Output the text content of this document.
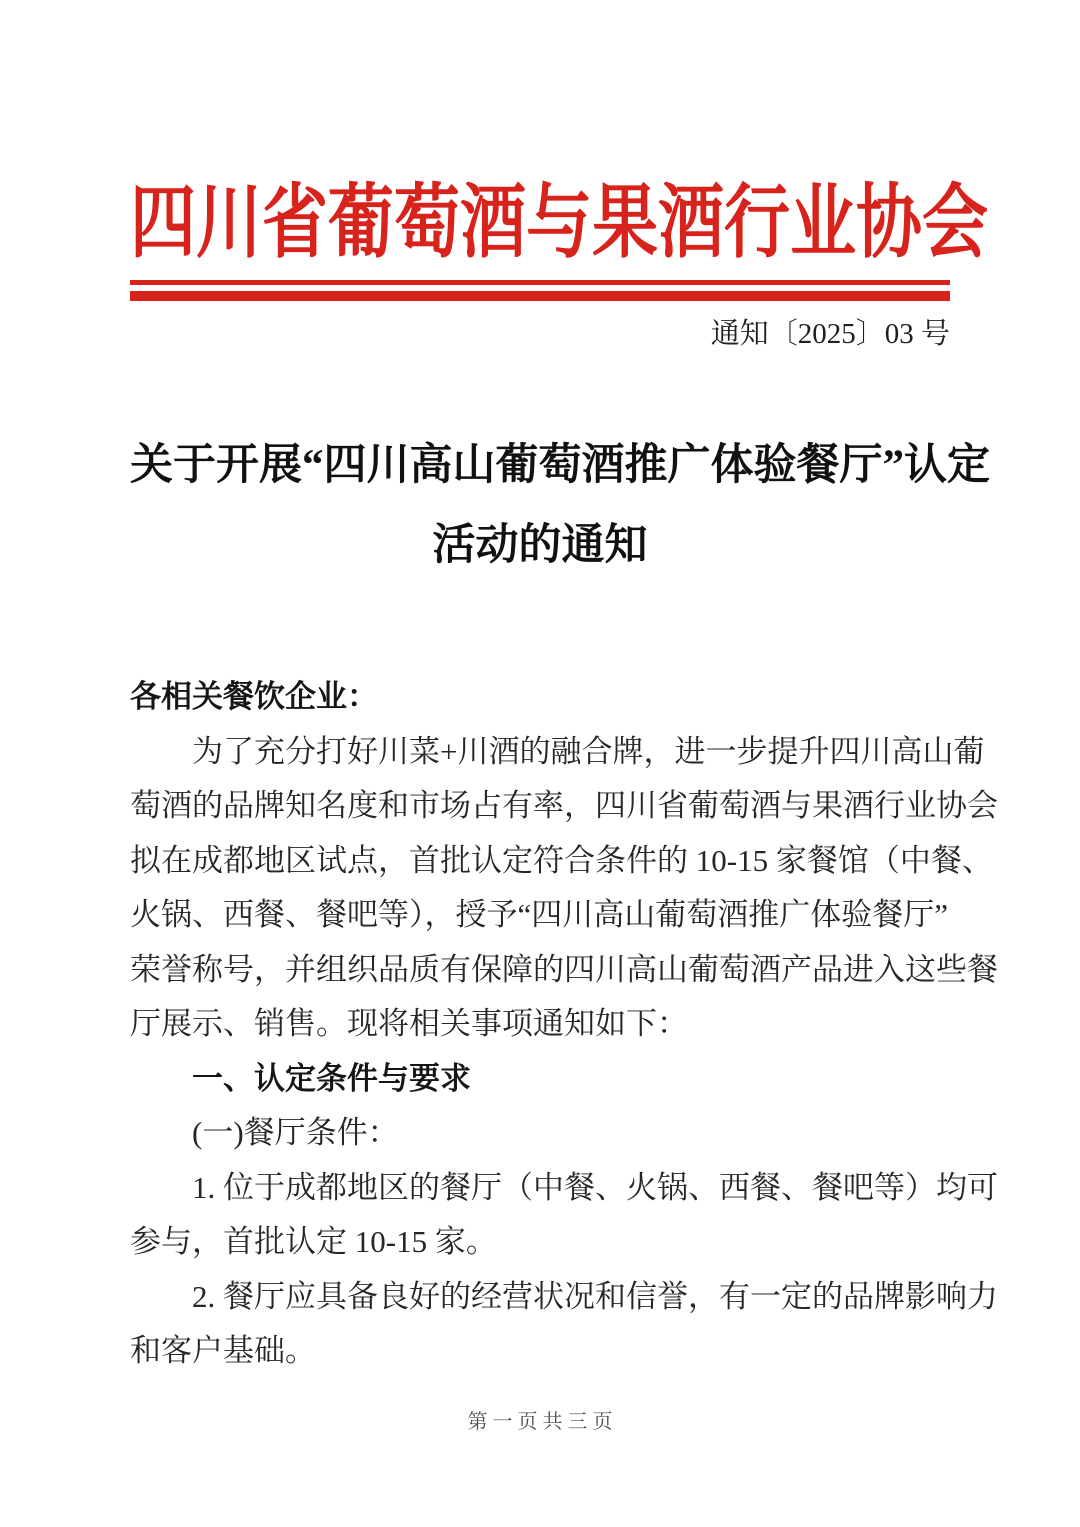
四川省葡萄酒与果酒行业协会
通知〔2025〕03 号
关于开展“四川高山葡萄酒推广体验餐厅”认定
活动的通知
各相关餐饮企业：
为了充分打好川菜+川酒的融合牌，进一步提升四川高山葡
萄酒的品牌知名度和市场占有率，四川省葡萄酒与果酒行业协会
拟在成都地区试点，首批认定符合条件的 10-15 家餐馆（中餐、
火锅、西餐、餐吧等），授予“四川高山葡萄酒推广体验餐厅”
荣誉称号，并组织品质有保障的四川高山葡萄酒产品进入这些餐
厅展示、销售。现将相关事项通知如下：
一、认定条件与要求
(一)餐厅条件：
1. 位于成都地区的餐厅（中餐、火锅、西餐、餐吧等）均可
参与，首批认定 10-15 家。
2. 餐厅应具备良好的经营状况和信誉，有一定的品牌影响力
和客户基础。
第 一 页 共 三 页
